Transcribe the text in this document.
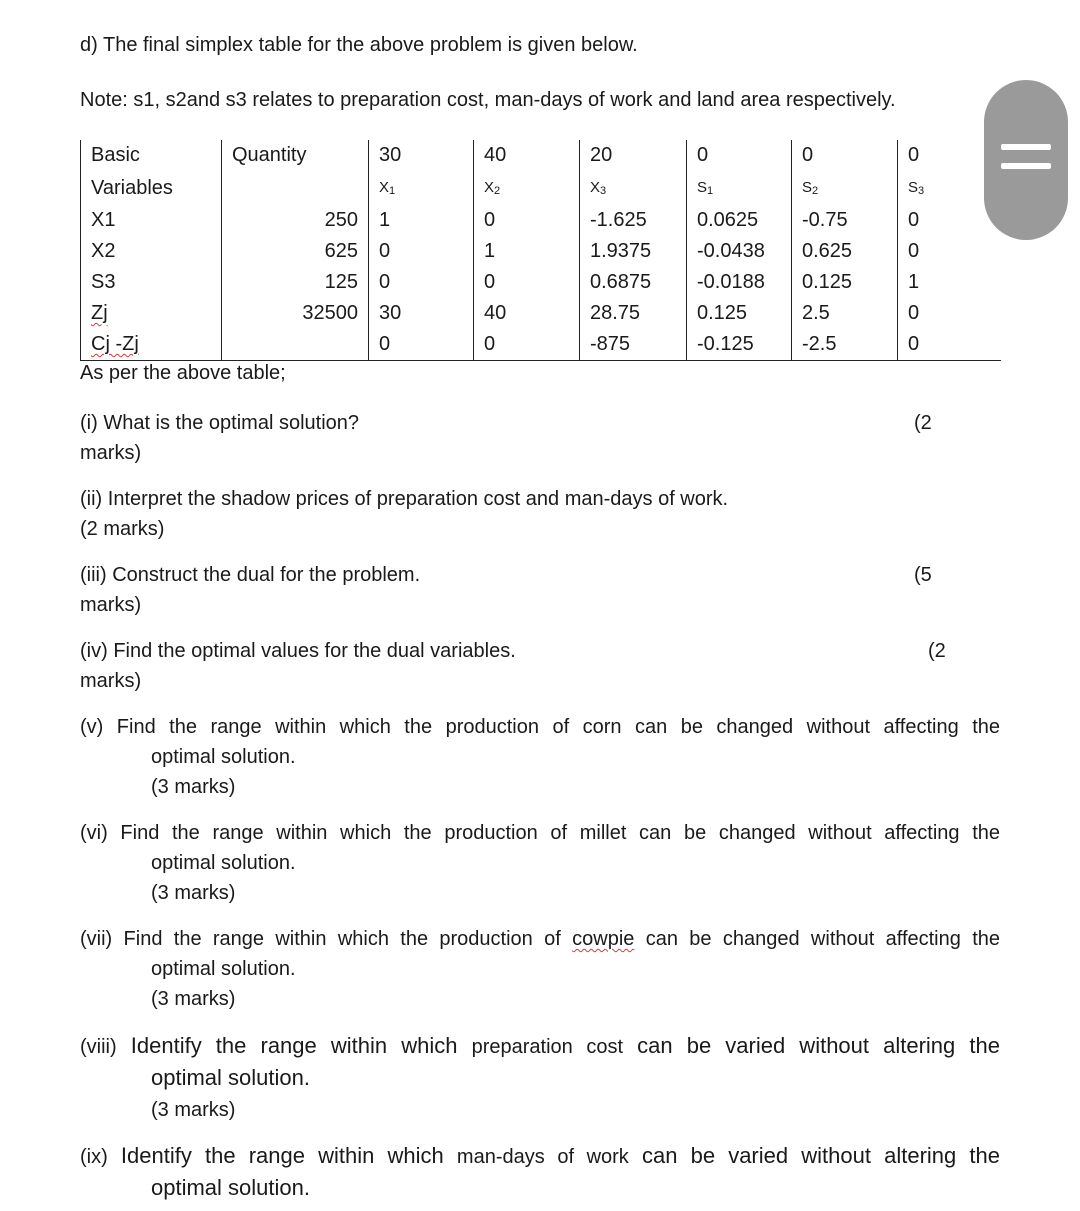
d) The final simplex table for the above problem is given below.
Note: s1, s2and s3 relates to preparation cost, man-days of work and land area respectively.
Basic	Quantity	30	40	20	0	0	0
Variables		X1	X2	X3	S1	S2	S3
X1	250	1	0	-1.625	0.0625	-0.75	0
X2	625	0	1	1.9375	-0.0438	0.625	0
S3	125	0	0	0.6875	-0.0188	0.125	1
Zj	32500	30	40	28.75	0.125	2.5	0
Cj -Zj		0	0	-875	-0.125	-2.5	0
As per the above table;
(i) What is the optimal solution?	(2
marks)
(ii) Interpret the shadow prices of preparation cost and man-days of work.
(2 marks)
(iii) Construct the dual for the problem.	(5
marks)
(iv) Find the optimal values for the dual variables.	(2
marks)
(v) Find the range within which the production of corn can be changed without affecting the
optimal solution.
(3 marks)
(vi) Find the range within which the production of millet can be changed without affecting the
optimal solution.
(3 marks)
(vii) Find the range within which the production of cowpie can be changed without affecting the
optimal solution.
(3 marks)
(viii) Identify the range within which preparation cost can be varied without altering the
optimal solution.
(3 marks)
(ix) Identify the range within which man-days of work can be varied without altering the
optimal solution.
